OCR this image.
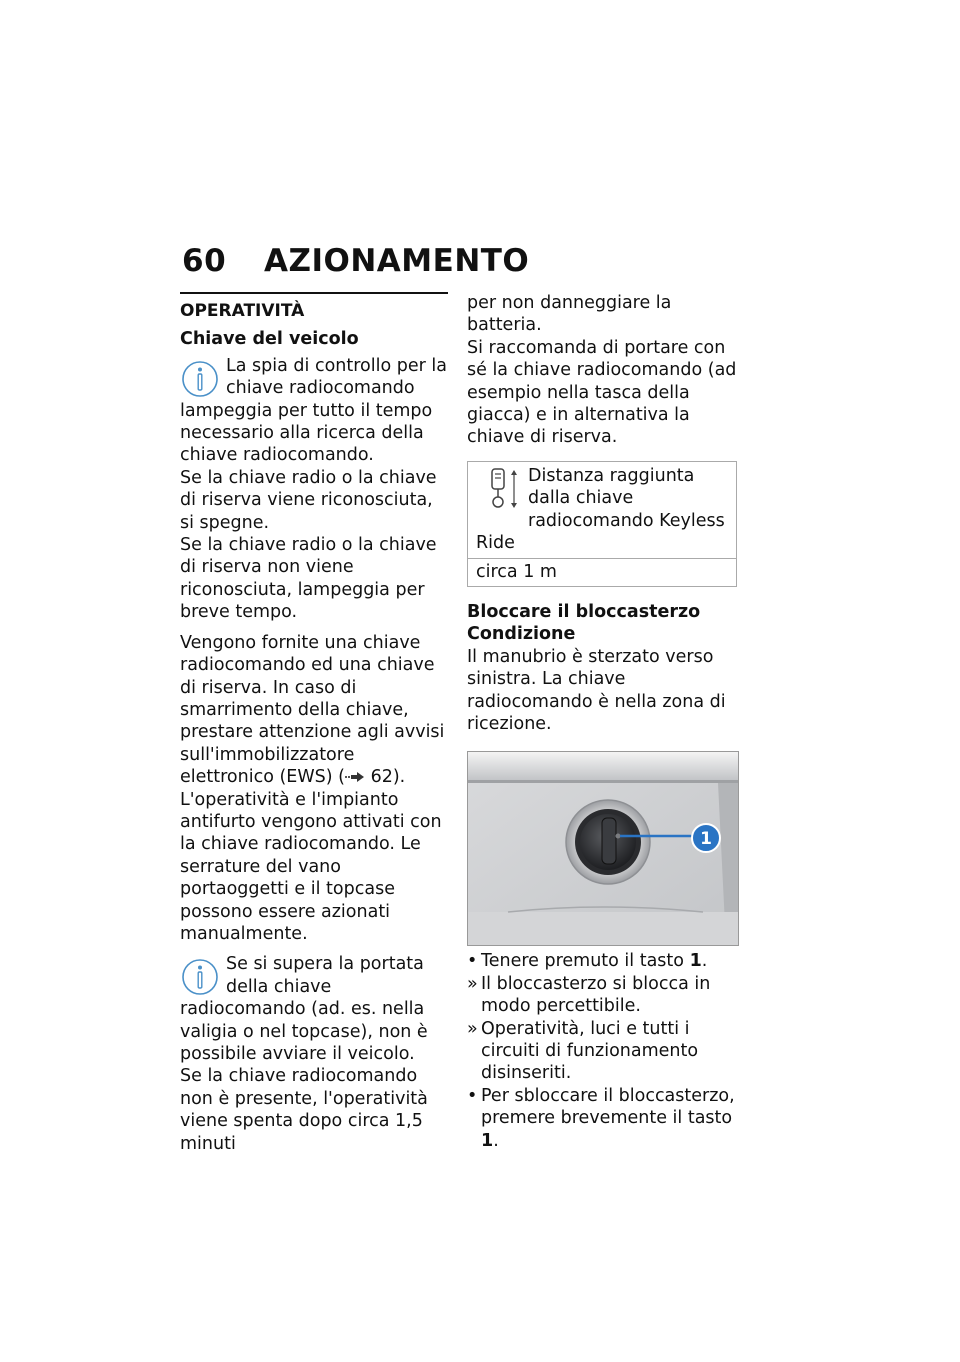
60 AZIONAMENTO
OPERATIVITÀ
Chiave del veicolo

La spia di controllo per la chiave radiocomando lampeggia per tutto il tempo necessario alla ricerca della chiave radiocomando.

Se la chiave radio o la chiave di riserva viene riconosciuta, si spegne.

Se la chiave radio o la chiave di riserva non viene riconosciuta, lampeggia per breve tempo.

Vengono fornite una chiave radiocomando ed una chiave di riserva. In caso di smarrimento della chiave, prestare attenzione agli avvisi sull'immobilizzatore elettronico (EWS) ( 62).

L'operatività e l'impianto antifurto vengono attivati con la chiave radiocomando. Le serrature del vano portaoggetti e il topcase possono essere azionati manualmente.

Se si supera la portata della chiave radiocomando (ad. es. nella valigia o nel topcase), non è possibile avviare il veicolo.

Se la chiave radiocomando non è presente, l'operatività viene spenta dopo circa 1,5 minuti

per non danneggiare la batteria.

Si raccomanda di portare con sé la chiave radiocomando (ad esempio nella tasca della giacca) e in alternativa la chiave di riserva.

Distanza raggiunta dalla chiave radiocomando Keyless Ride
circa 1 m
Bloccare il bloccasterzo
Condizione

Il manubrio è sterzato verso sinistra. La chiave radiocomando è nella zona di ricezione.

1
• Tenere premuto il tasto 1.
» Il bloccasterzo si blocca in modo percettibile.
» Operatività, luci e tutti i circuiti di funzionamento disinseriti.
• Per sbloccare il bloccasterzo, premere brevemente il tasto 1.
